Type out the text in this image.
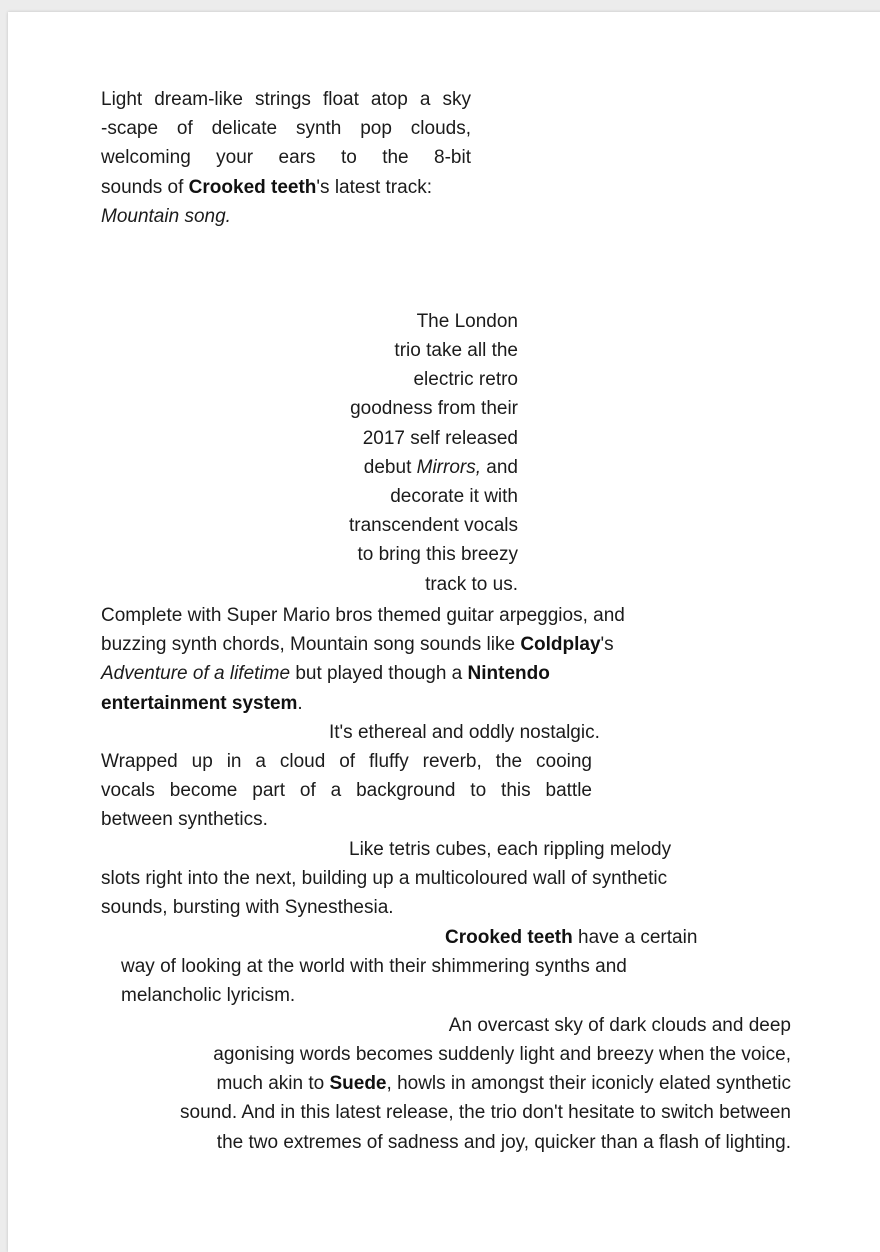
Light dream-like strings float atop a sky

-scape of delicate synth pop clouds,

welcoming your ears to the 8-bit

sounds of Crooked teeth's latest track:

Mountain song.

The London

trio take all the

electric retro

goodness from their

2017 self released

debut Mirrors, and

decorate it with

transcendent vocals

to bring this breezy

track to us.

Complete with Super Mario bros themed guitar arpeggios, and

buzzing synth chords, Mountain song sounds like Coldplay's

Adventure of a lifetime but played though a Nintendo

entertainment system.

It's ethereal and oddly nostalgic.

Wrapped up in a cloud of fluffy reverb, the cooing

vocals become part of a background to this battle

between synthetics.

Like tetris cubes, each rippling melody

slots right into the next, building up a multicoloured wall of synthetic

sounds, bursting with Synesthesia.

Crooked teeth have a certain

way of looking at the world with their shimmering synths and

melancholic lyricism.

An overcast sky of dark clouds and deep

agonising words becomes suddenly light and breezy when the voice,

much akin to Suede, howls in amongst their iconicly elated synthetic

sound. And in this latest release, the trio don't hesitate to switch between

the two extremes of sadness and joy, quicker than a flash of lighting.
